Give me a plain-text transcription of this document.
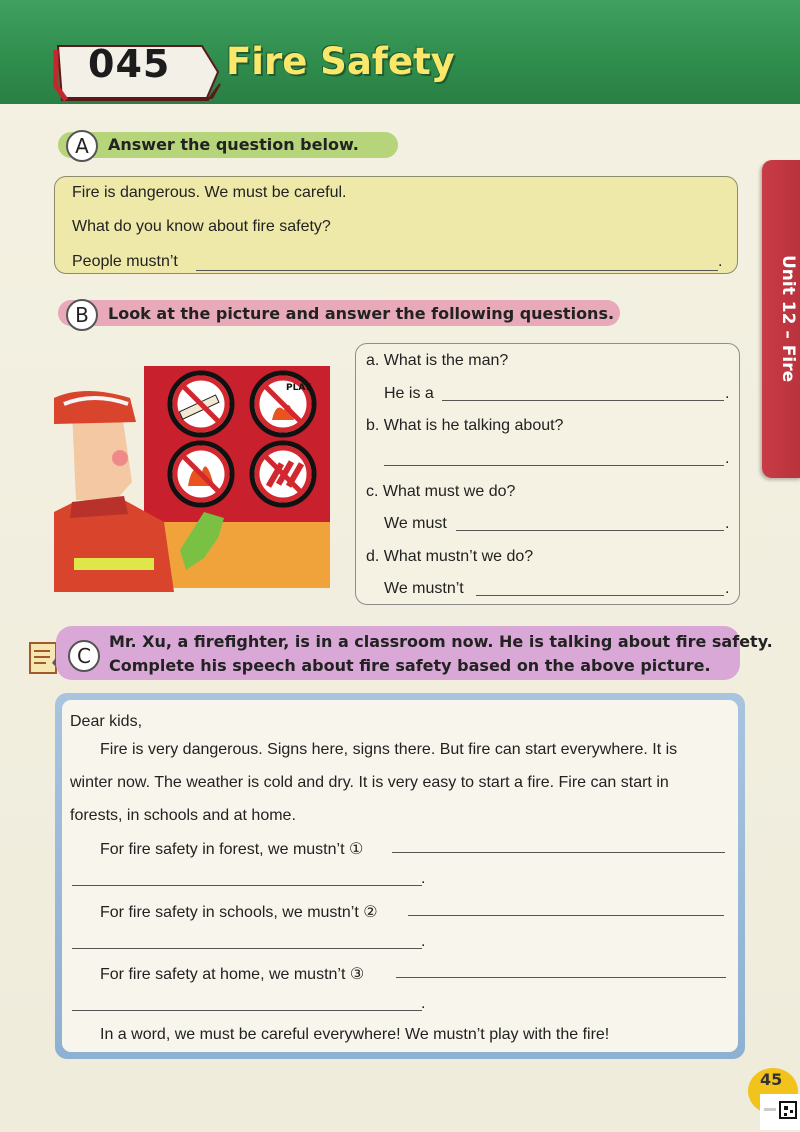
045 Fire Safety
Unit 12 – Fire
A	Answer the question below.
Fire is dangerous. We must be careful.
What do you know about fire safety?
People mustn’t	.
B	Look at the picture and answer the following questions.
PLAY
a. What is the man?
He is a	.
b. What is he talking about?
.
c. What must we do?
We must	.
d. What mustn’t we do?
We mustn’t	.
C
Mr. Xu, a firefighter, is in a classroom now. He is talking about fire safety.
Complete his speech about fire safety based on the above picture.
Dear kids,
Fire is very dangerous. Signs here, signs there. But fire can start everywhere. It is
winter now. The weather is cold and dry. It is very easy to start a fire. Fire can start in
forests, in schools and at home.
For fire safety in forest, we mustn’t ①
.
For fire safety in schools, we mustn’t ②
.
For fire safety at home, we mustn’t ③
.
In a word, we must be careful everywhere! We mustn’t play with the fire!
45
